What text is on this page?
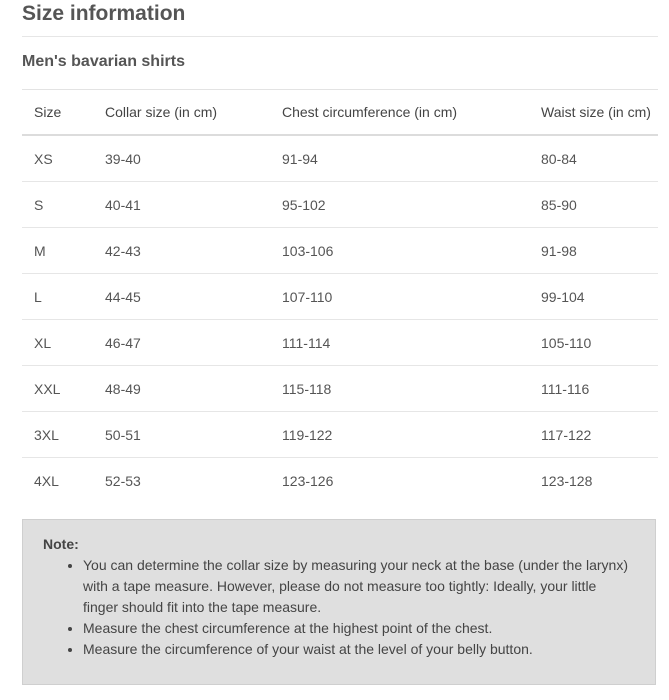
Size information
Men's bavarian shirts
Size	Collar size (in cm)	Chest circumference (in cm)	Waist size (in cm)
XS	39-40	91-94	80-84
S	40-41	95-102	85-90
M	42-43	103-106	91-98
L	44-45	107-110	99-104
XL	46-47	111-114	105-110
XXL	48-49	115-118	111-116
3XL	50-51	119-122	117-122
4XL	52-53	123-126	123-128

Note:

• You can determine the collar size by measuring your neck at the base (under the larynx) with a tape measure. However, please do not measure too tightly: Ideally, your little finger should fit into the tape measure.
• Measure the chest circumference at the highest point of the chest.
• Measure the circumference of your waist at the level of your belly button.
